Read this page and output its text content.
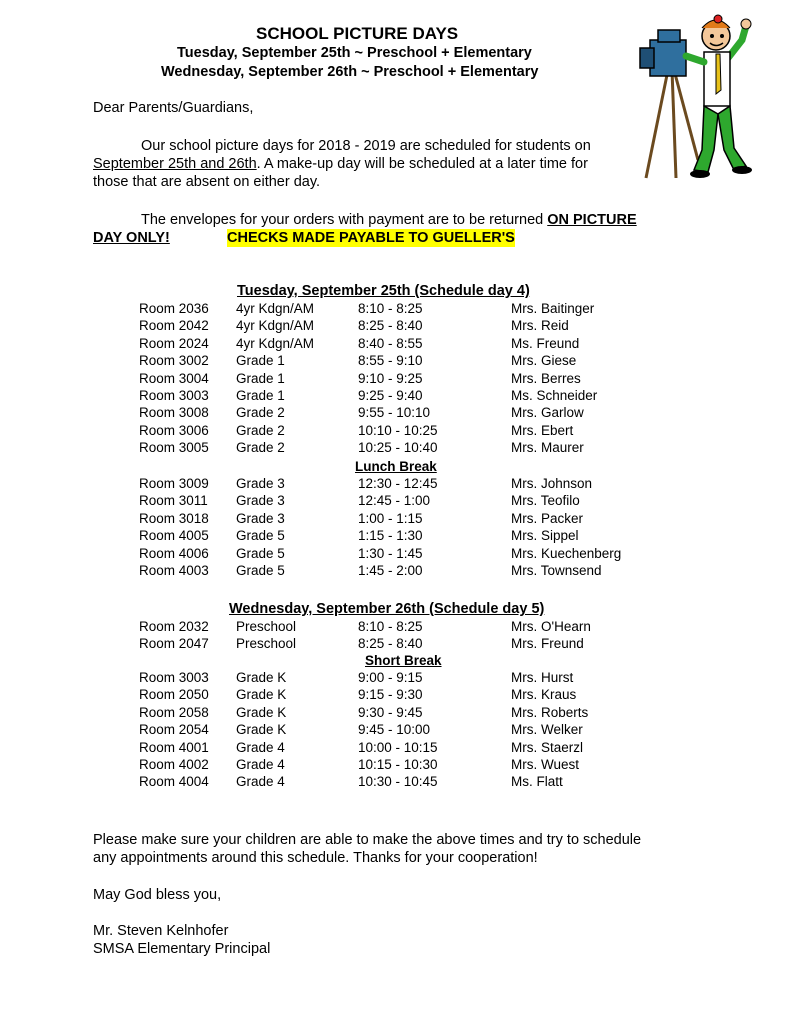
SCHOOL PICTURE DAYS
Tuesday, September 25th ~ Preschool + Elementary
Wednesday, September 26th ~ Preschool + Elementary
Dear Parents/Guardians,
Our school picture days for 2018 - 2019 are scheduled for students on
September 25th and 26th. A make-up day will be scheduled at a later time for
those that are absent on either day.
The envelopes for your orders with payment are to be returned ON PICTURE
DAY ONLY!	CHECKS MADE PAYABLE TO GUELLER'S
Tuesday, September 25th (Schedule day 4)
Room 2036 4yr Kdgn/AM	8:10 - 8:25	Mrs. Baitinger
Room 2042 4yr Kdgn/AM	8:25 - 8:40	Mrs. Reid
Room 2024 4yr Kdgn/AM	8:40 - 8:55	Ms. Freund
Room 3002 Grade 1	8:55 - 9:10	Mrs. Giese
Room 3004 Grade 1	9:10 - 9:25	Mrs. Berres
Room 3003 Grade 1	9:25 - 9:40	Ms. Schneider
Room 3008 Grade 2	9:55 - 10:10	Mrs. Garlow
Room 3006 Grade 2	10:10 - 10:25	Mrs. Ebert
Room 3005 Grade 2	10:25 - 10:40	Mrs. Maurer
Lunch Break
Room 3009 Grade 3	12:30 - 12:45	Mrs. Johnson
Room 3011 Grade 3	12:45 - 1:00	Mrs. Teofilo
Room 3018 Grade 3	1:00 - 1:15	Mrs. Packer
Room 4005 Grade 5	1:15 - 1:30	Mrs. Sippel
Room 4006 Grade 5	1:30 - 1:45	Mrs. Kuechenberg
Room 4003 Grade 5	1:45 - 2:00	Mrs. Townsend
Wednesday, September 26th (Schedule day 5)
Room 2032 Preschool	8:10 - 8:25	Mrs. O'Hearn
Room 2047 Preschool	8:25 - 8:40	Mrs. Freund
Short Break
Room 3003 Grade K	9:00 - 9:15	Mrs. Hurst
Room 2050 Grade K	9:15 - 9:30	Mrs. Kraus
Room 2058 Grade K	9:30 - 9:45	Mrs. Roberts
Room 2054 Grade K	9:45 - 10:00	Mrs. Welker
Room 4001 Grade 4	10:00 - 10:15	Mrs. Staerzl
Room 4002 Grade 4	10:15 - 10:30	Mrs. Wuest
Room 4004 Grade 4	10:30 - 10:45	Ms. Flatt
Please make sure your children are able to make the above times and try to schedule
any appointments around this schedule. Thanks for your cooperation!
May God bless you,
Mr. Steven Kelnhofer
SMSA Elementary Principal
